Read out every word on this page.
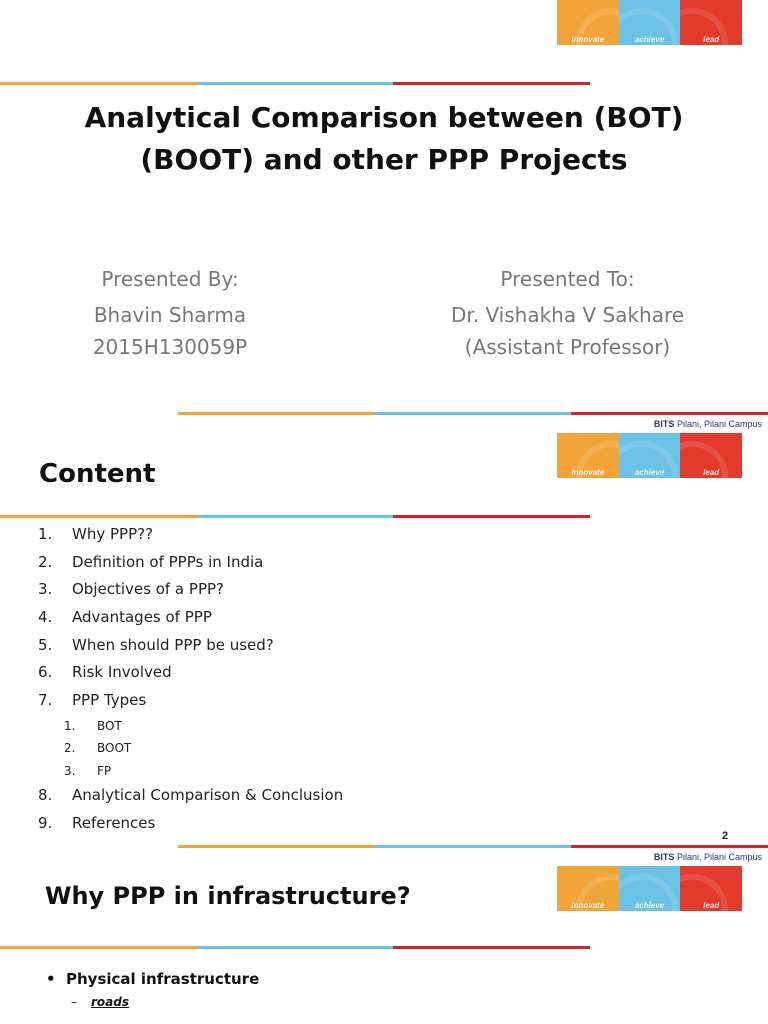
innovate	achieve	lead
Analytical Comparison between (BOT)
(BOOT) and other PPP Projects
Presented By:
Bhavin Sharma
2015H130059P
Presented To:
Dr. Vishakha V Sakhare
(Assistant Professor)
BITS Pilani, Pilani Campus
innovate	achieve	lead
Content
1. Why PPP??
2. Definition of PPPs in India
3. Objectives of a PPP?
4. Advantages of PPP
5. When should PPP be used?
6. Risk Involved
7. PPP Types
1. BOT
2. BOOT
3. FP
8. Analytical Comparison & Conclusion
9. References
2
BITS Pilani, Pilani Campus
innovate	achieve	lead
Why PPP in infrastructure?
• Physical infrastructure
– roads
